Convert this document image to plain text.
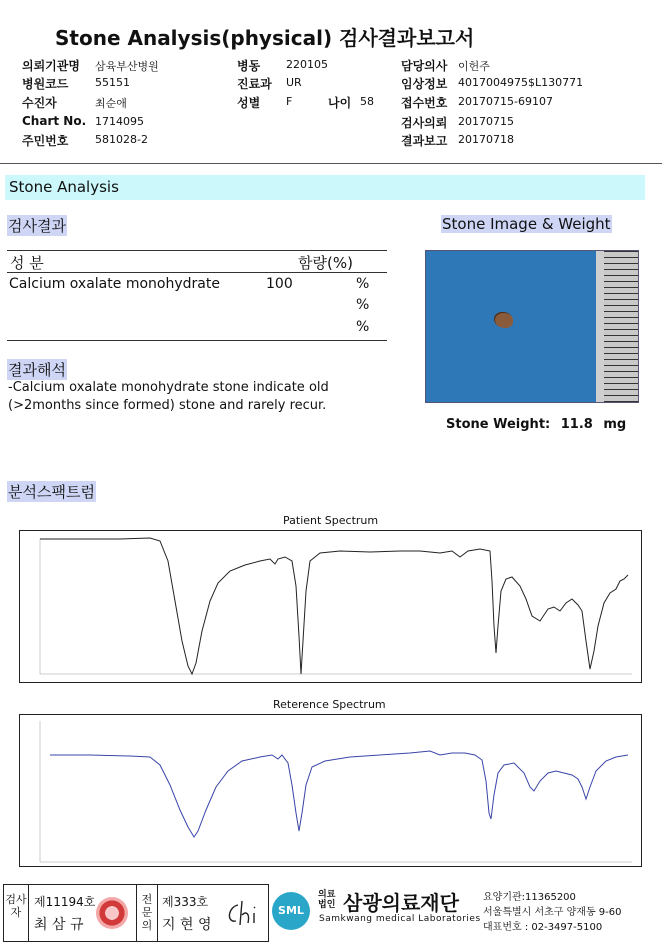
Stone Analysis(physical) 검사결과보고서
의뢰기관명 삼육부산병원	병동 220105	담당의사 이헌주
병원코드 55151	진료과 UR	임상정보 4017004975$L130771
수진자	최순애	성별 F	나이 58 접수번호 20170715-69107
Chart No. 1714095	검사의뢰 20170715
주민번호 581028-2	결과보고 20170718
Stone Analysis
검사결과
성 분	함량(%)
Calcium oxalate monohydrate	100	%
%
%
결과해석
-Calcium oxalate monohydrate stone indicate old
(>2months since formed) stone and rarely recur.
Stone Image & Weight
Stone Weight: 11.8 mg
분석스팩트럼
Patient Spectrum
Reterence Spectrum
검사자
제11194호
최 삼 규
전문의
제333호
지 현 영
SML
의료
법인 삼광의료재단
Samkwang medical Laboratories
요양기관:11365200
서울특별시 서초구 양재동 9-60
대표번호 : 02-3497-5100
